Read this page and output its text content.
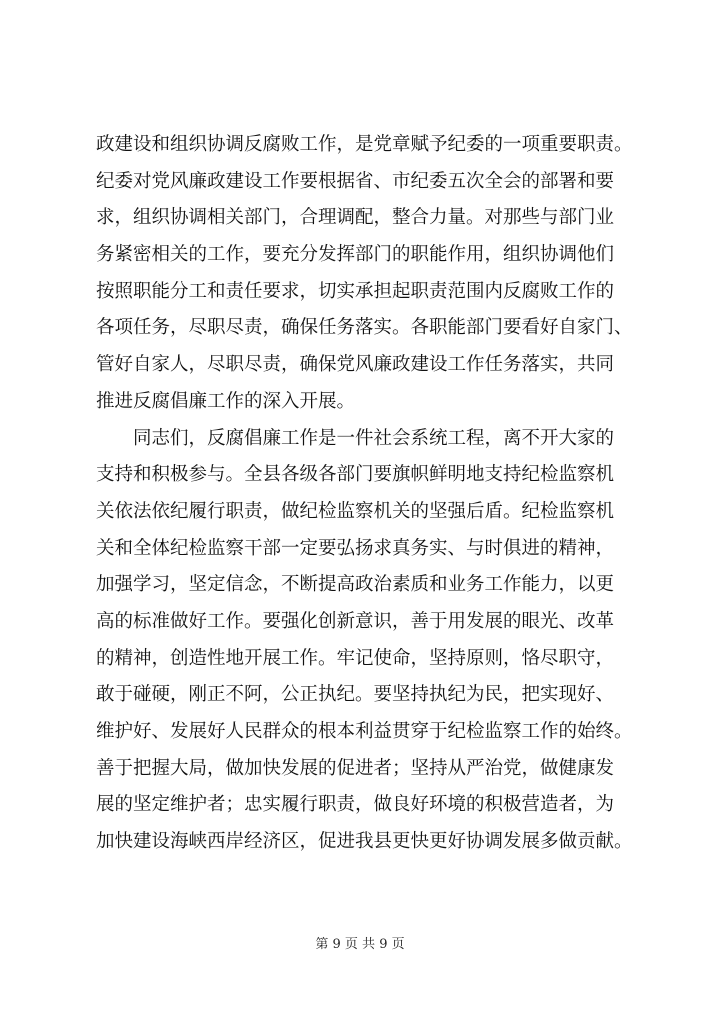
政建设和组织协调反腐败工作，是党章赋予纪委的一项重要职责。
纪委对党风廉政建设工作要根据省、市纪委五次全会的部署和要
求，组织协调相关部门，合理调配，整合力量。对那些与部门业
务紧密相关的工作，要充分发挥部门的职能作用，组织协调他们
按照职能分工和责任要求，切实承担起职责范围内反腐败工作的
各项任务，尽职尽责，确保任务落实。各职能部门要看好自家门、
管好自家人，尽职尽责，确保党风廉政建设工作任务落实，共同
推进反腐倡廉工作的深入开展。
　　同志们，反腐倡廉工作是一件社会系统工程，离不开大家的
支持和积极参与。全县各级各部门要旗帜鲜明地支持纪检监察机
关依法依纪履行职责，做纪检监察机关的坚强后盾。纪检监察机
关和全体纪检监察干部一定要弘扬求真务实、与时俱进的精神，
加强学习，坚定信念，不断提高政治素质和业务工作能力，以更
高的标准做好工作。要强化创新意识，善于用发展的眼光、改革
的精神，创造性地开展工作。牢记使命，坚持原则，恪尽职守，
敢于碰硬，刚正不阿，公正执纪。要坚持执纪为民，把实现好、
维护好、发展好人民群众的根本利益贯穿于纪检监察工作的始终。
善于把握大局，做加快发展的促进者；坚持从严治党，做健康发
展的坚定维护者；忠实履行职责，做良好环境的积极营造者，为
加快建设海峡西岸经济区，促进我县更快更好协调发展多做贡献。
第 9 页 共 9 页
